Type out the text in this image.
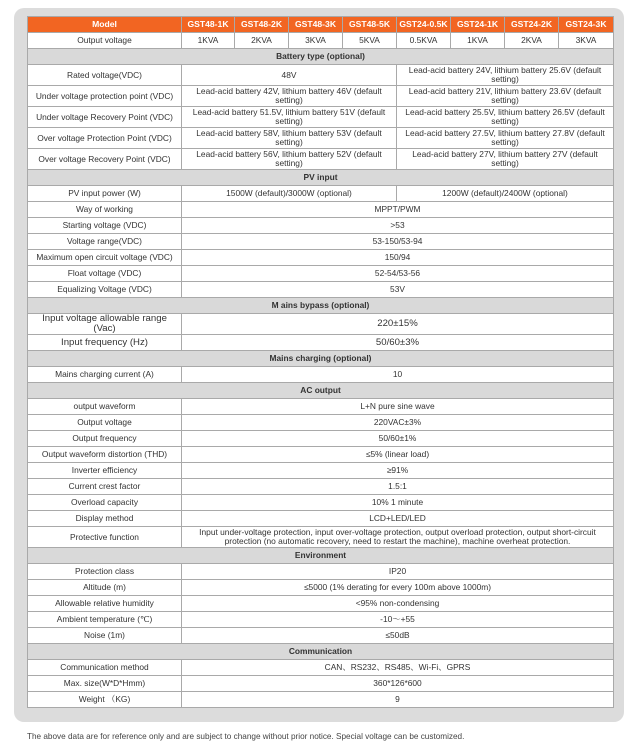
Model	GST48-1K	GST48-2K	GST48-3K	GST48-5K	GST24-0.5K	GST24-1K	GST24-2K	GST24-3K
Output voltage	1KVA	2KVA	3KVA	5KVA	0.5KVA	1KVA	2KVA	3KVA
Battery type (optional)								
Rated voltage(VDC)	48V				Lead-acid battery 24V, lithium battery 25.6V (default setting)			
Under voltage protection point (VDC)	Lead-acid battery 42V, lithium battery 46V (default setting)				Lead-acid battery 21V, lithium battery 23.6V (default setting)			
Under voltage Recovery Point (VDC)	Lead-acid battery 51.5V, lithium battery 51V (default setting)				Lead-acid battery 25.5V, lithium battery 26.5V (default setting)			
Over voltage Protection Point (VDC)	Lead-acid battery 58V, lithium battery 53V (default setting)				Lead-acid battery 27.5V, lithium battery 27.8V (default setting)			
Over voltage Recovery Point (VDC)	Lead-acid battery 56V, lithium battery 52V (default setting)				Lead-acid battery 27V, lithium battery 27V (default setting)			
PV input								
PV input power (W)	1500W (default)/3000W (optional)				1200W (default)/2400W (optional)			
Way of working	MPPT/PWM							
Starting voltage (VDC)	>53							
Voltage range(VDC)	53-150/53-94							
Maximum open circuit voltage (VDC)	150/94							
Float voltage (VDC)	52-54/53-56							
Equalizing Voltage (VDC)	53V							
M ains bypass (optional)								
Input voltage allowable range (Vac)	220±15%							
Input frequency (Hz)	50/60±3%							
Mains charging (optional)								
Mains charging current (A)	10							
AC output								
output waveform	L+N pure sine wave							
Output voltage	220VAC±3%							
Output frequency	50/60±1%							
Output waveform distortion (THD)	≤5% (linear load)							
Inverter efficiency	≥91%							
Current crest factor	1.5:1							
Overload capacity	10% 1 minute							
Display method	LCD+LED/LED							
Protective function	Input under-voltage protection, input over-voltage protection, output overload protection, output short-circuit protection (no automatic recovery, need to restart the machine), machine overheat protection.							
Environment								
Protection class	IP20							
Altitude (m)	≤5000 (1% derating for every 100m above 1000m)							
Allowable relative humidity	<95% non-condensing							
Ambient temperature (℃)	-10～+55							
Noise (1m)	≤50dB							
Communication								
Communication method	CAN、RS232、RS485、Wi-Fi、GPRS							
Max. size(W*D*Hmm)	360*126*600							
Weight （KG)	9							
The above data are for reference only and are subject to change without prior notice. Special voltage can be customized.
